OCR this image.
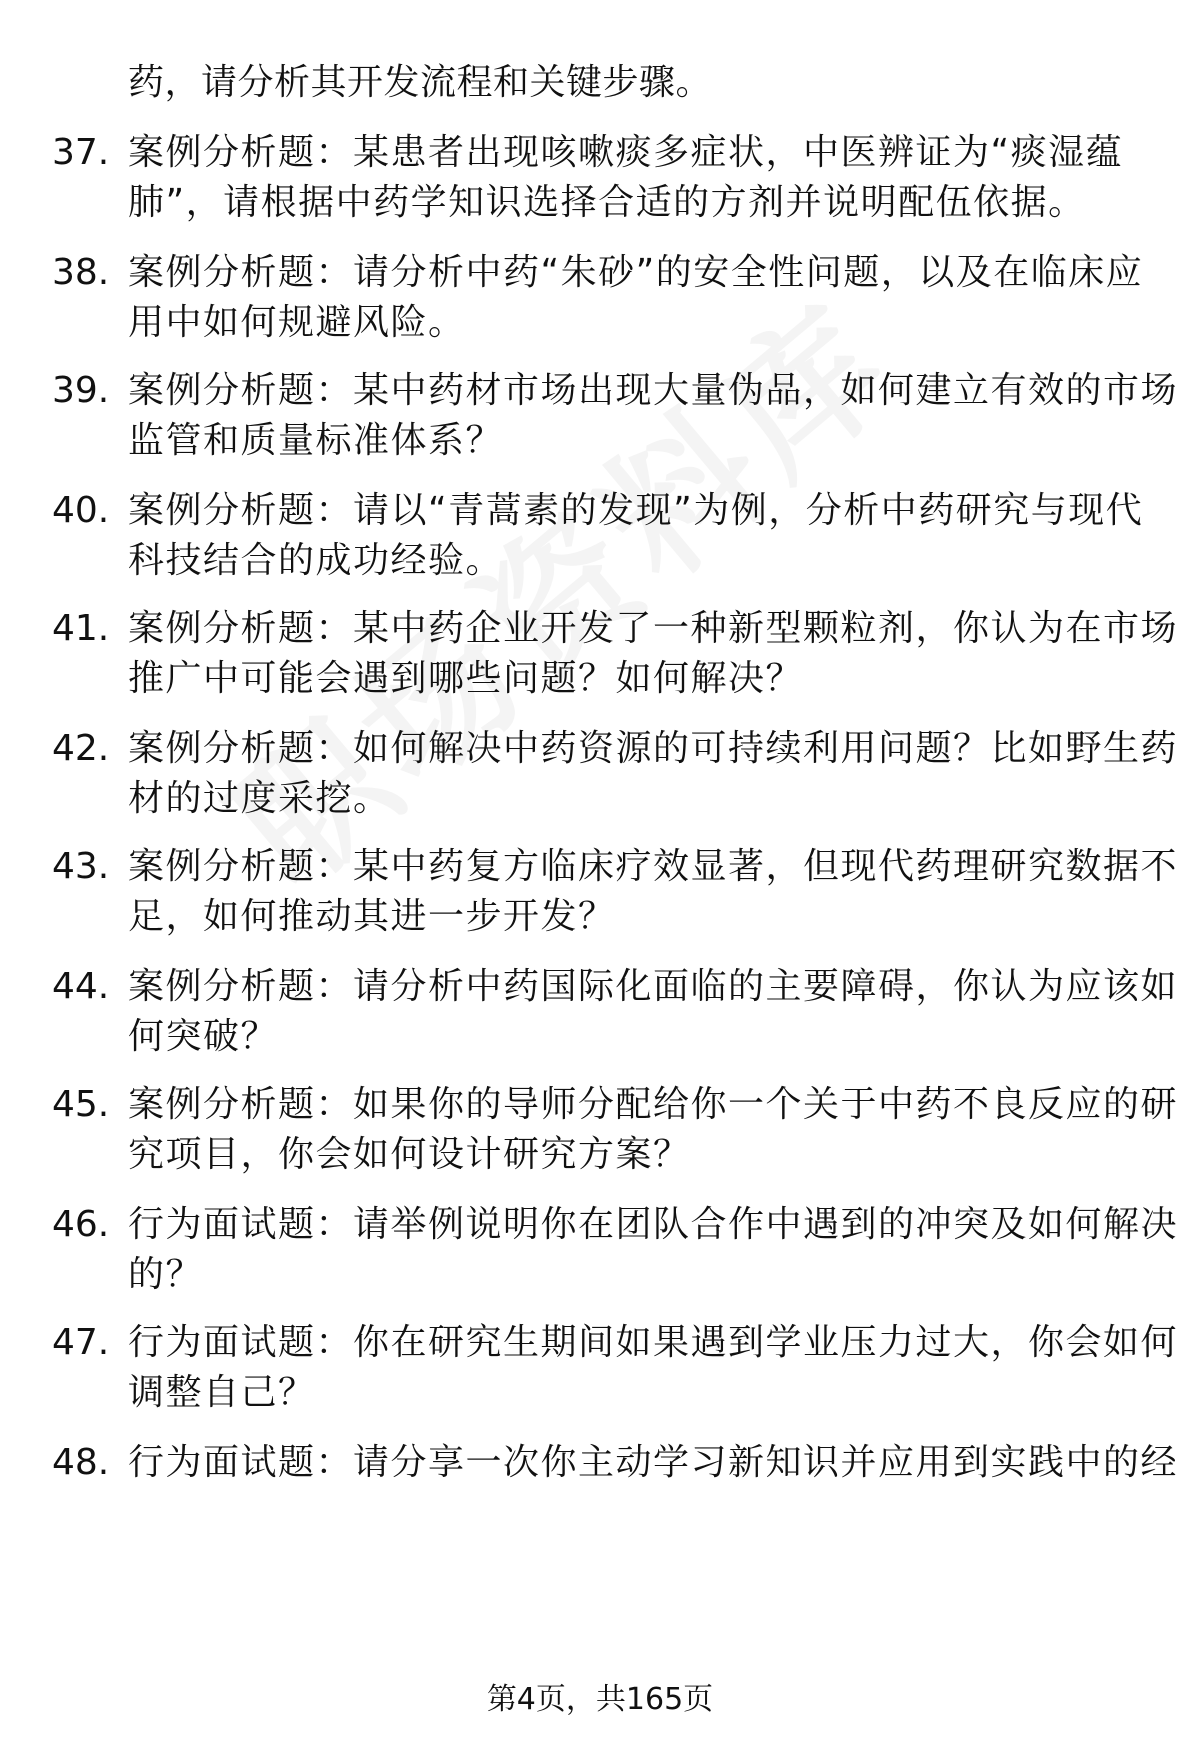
药，请分析其开发流程和关键步骤。
37. 案例分析题：某患者出现咳嗽痰多症状，中医辨证为“痰湿蕴
肺”，请根据中药学知识选择合适的方剂并说明配伍依据。
38. 案例分析题：请分析中药“朱砂”的安全性问题，以及在临床应
用中如何规避风险。
39. 案例分析题：某中药材市场出现大量伪品，如何建立有效的市场
监管和质量标准体系？
40. 案例分析题：请以“青蒿素的发现”为例，分析中药研究与现代
科技结合的成功经验。
41. 案例分析题：某中药企业开发了一种新型颗粒剂，你认为在市场
推广中可能会遇到哪些问题？如何解决？
42. 案例分析题：如何解决中药资源的可持续利用问题？比如野生药
材的过度采挖。
43. 案例分析题：某中药复方临床疗效显著，但现代药理研究数据不
足，如何推动其进一步开发？
44. 案例分析题：请分析中药国际化面临的主要障碍，你认为应该如
何突破？
45. 案例分析题：如果你的导师分配给你一个关于中药不良反应的研
究项目，你会如何设计研究方案？
46. 行为面试题：请举例说明你在团队合作中遇到的冲突及如何解决
的？
47. 行为面试题：你在研究生期间如果遇到学业压力过大，你会如何
调整自己？
48. 行为面试题：请分享一次你主动学习新知识并应用到实践中的经
第4页，共165页
